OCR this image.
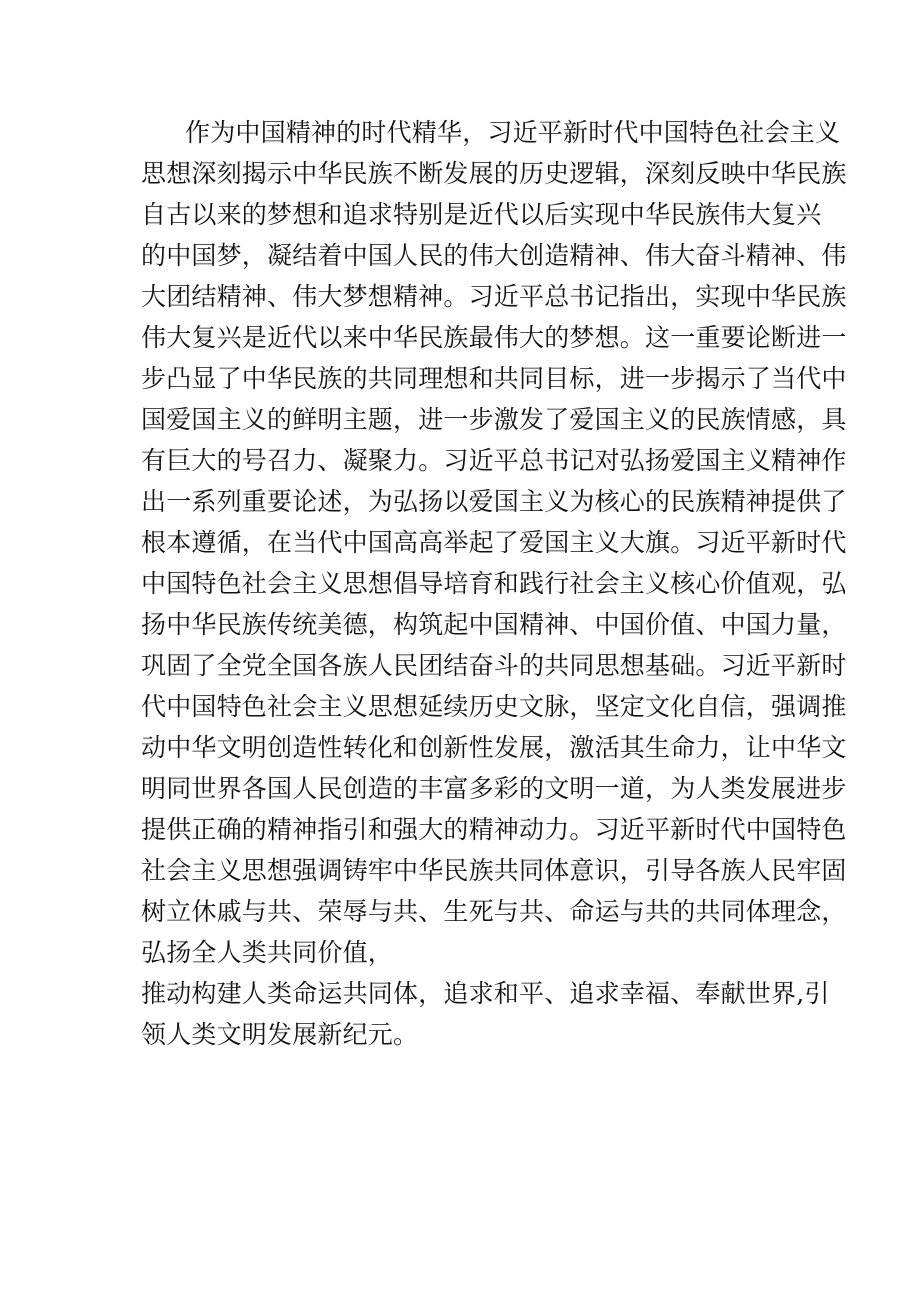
作为中国精神的时代精华，习近平新时代中国特色社会主义
思想深刻揭示中华民族不断发展的历史逻辑，深刻反映中华民族
自古以来的梦想和追求特别是近代以后实现中华民族伟大复兴
的中国梦，凝结着中国人民的伟大创造精神、伟大奋斗精神、伟
大团结精神、伟大梦想精神。习近平总书记指出，实现中华民族
伟大复兴是近代以来中华民族最伟大的梦想。这一重要论断进一
步凸显了中华民族的共同理想和共同目标，进一步揭示了当代中
国爱国主义的鲜明主题，进一步激发了爱国主义的民族情感，具
有巨大的号召力、凝聚力。习近平总书记对弘扬爱国主义精神作
出一系列重要论述，为弘扬以爱国主义为核心的民族精神提供了
根本遵循，在当代中国高高举起了爱国主义大旗。习近平新时代
中国特色社会主义思想倡导培育和践行社会主义核心价值观，弘
扬中华民族传统美德，构筑起中国精神、中国价值、中国力量，
巩固了全党全国各族人民团结奋斗的共同思想基础。习近平新时
代中国特色社会主义思想延续历史文脉，坚定文化自信，强调推
动中华文明创造性转化和创新性发展，激活其生命力，让中华文
明同世界各国人民创造的丰富多彩的文明一道，为人类发展进步
提供正确的精神指引和强大的精神动力。习近平新时代中国特色
社会主义思想强调铸牢中华民族共同体意识，引导各族人民牢固
树立休戚与共、荣辱与共、生死与共、命运与共的共同体理念，
弘扬全人类共同价值，
推动构建人类命运共同体，追求和平、追求幸福、奉献世界,引
领人类文明发展新纪元。
